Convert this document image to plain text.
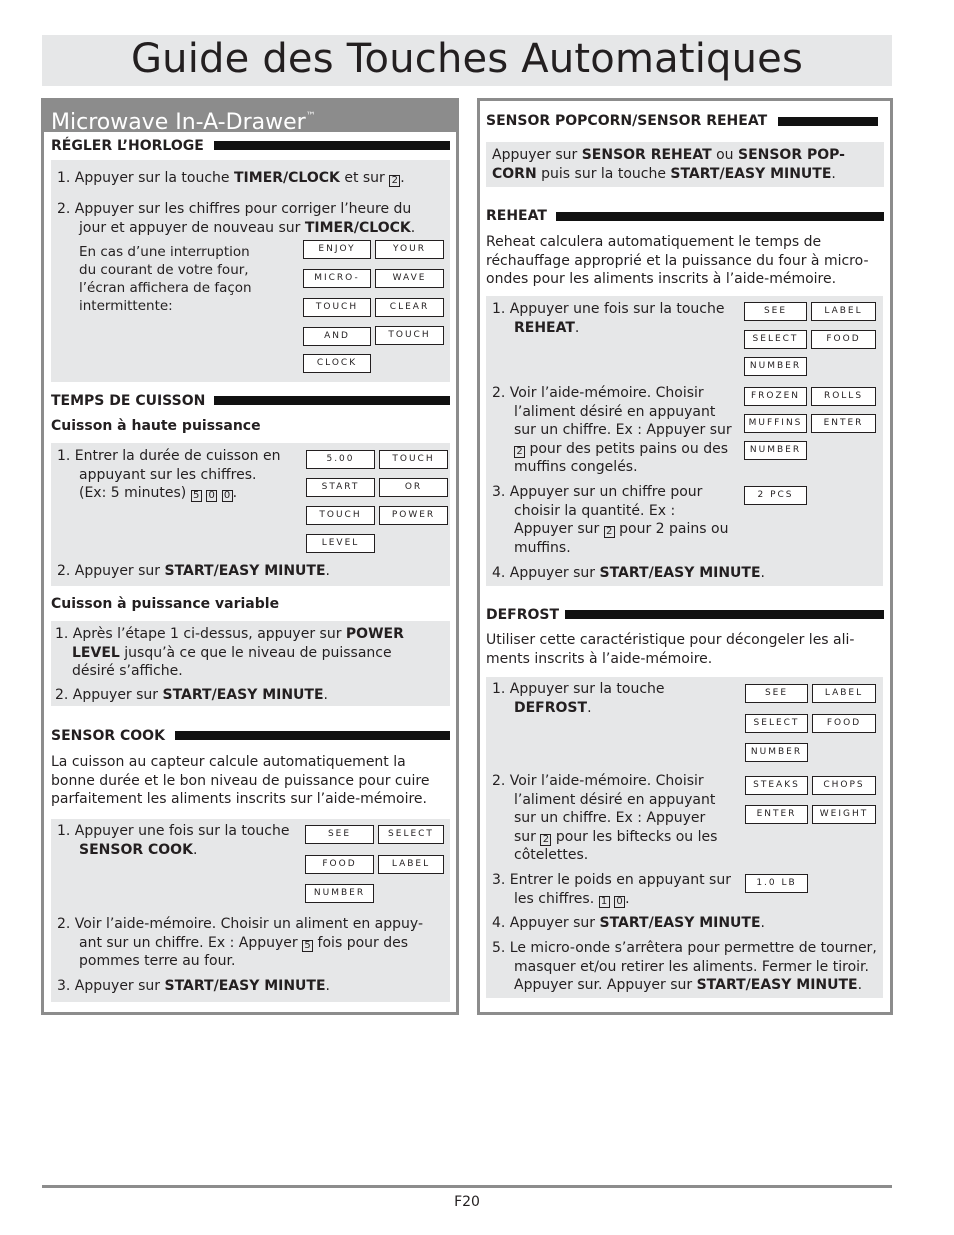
Guide des Touches Automatiques
Microwave In-A-Drawer™
RÉGLER L’HORLOGE
1. Appuyer sur la touche TIMER/CLOCK et sur 2 .
2. Appuyer sur les chiffres pour corriger l’heure du
jour et appuyer de nouveau sur TIMER/CLOCK.
En cas d’une interruption
du courant de votre four,
l’écran affichera de façon
intermittente:
ENJOY	YOUR
MICRO-	WAVE
TOUCH	CLEAR
AND	TOUCH
CLOCK
TEMPS DE CUISSON
Cuisson à haute puissance
1. Entrer la durée de cuisson en
appuyant sur les chiffres.
(Ex: 5 minutes) 5 0 0 .
5.00	TOUCH
START	OR
TOUCH	POWER
LEVEL
2. Appuyer sur START/EASY MINUTE.
Cuisson à puissance variable
1. Après l’étape 1 ci-dessus, appuyer sur POWER
LEVEL jusqu’à ce que le niveau de puissance
désiré s’affiche.
2. Appuyer sur START/EASY MINUTE.
SENSOR COOK
La cuisson au capteur calcule automatiquement la
bonne durée et le bon niveau de puissance pour cuire
parfaitement les aliments inscrits sur l’aide-mémoire.
1. Appuyer une fois sur la touche
SENSOR COOK.
SEE	SELECT
FOOD	LABEL
NUMBER
2. Voir l’aide-mémoire. Choisir un aliment en appuy-
ant sur un chiffre. Ex : Appuyer 5 fois pour des
pommes terre au four.
3. Appuyer sur START/EASY MINUTE.
SENSOR POPCORN/SENSOR REHEAT
Appuyer sur SENSOR REHEAT ou SENSOR POP-
CORN puis sur la touche START/EASY MINUTE.
REHEAT
Reheat calculera automatiquement le temps de
réchauffage approprié et la puissance du four à micro-
ondes pour les aliments inscrits à l’aide-mémoire.
1. Appuyer une fois sur la touche
REHEAT.
SEE	LABEL
SELECT	FOOD
NUMBER
2. Voir l’aide-mémoire. Choisir
l’aliment désiré en appuyant
sur un chiffre. Ex : Appuyer sur
2 pour des petits pains ou des
muffins congelés.
FROZEN	ROLLS
MUFFINS	ENTER
NUMBER
3. Appuyer sur un chiffre pour
choisir la quantité. Ex :
Appuyer sur 2 pour 2 pains ou
muffins.
2 PCS
4. Appuyer sur START/EASY MINUTE.
DEFROST
Utiliser cette caractéristique pour décongeler les ali-
ments inscrits à l’aide-mémoire.
1. Appuyer sur la touche
DEFROST.
SEE	LABEL
SELECT	FOOD
NUMBER
2. Voir l’aide-mémoire. Choisir
l’aliment désiré en appuyant
sur un chiffre. Ex : Appuyer
sur 2 pour les biftecks ou les
côtelettes.
STEAKS	CHOPS
ENTER	WEIGHT
3. Entrer le poids en appuyant sur
les chiffres. 1 0 .
1.0 LB
4. Appuyer sur START/EASY MINUTE.
5. Le micro-onde s’arrêtera pour permettre de tourner,
masquer et/ou retirer les aliments. Fermer le tiroir.
Appuyer sur. Appuyer sur START/EASY MINUTE.
F20
